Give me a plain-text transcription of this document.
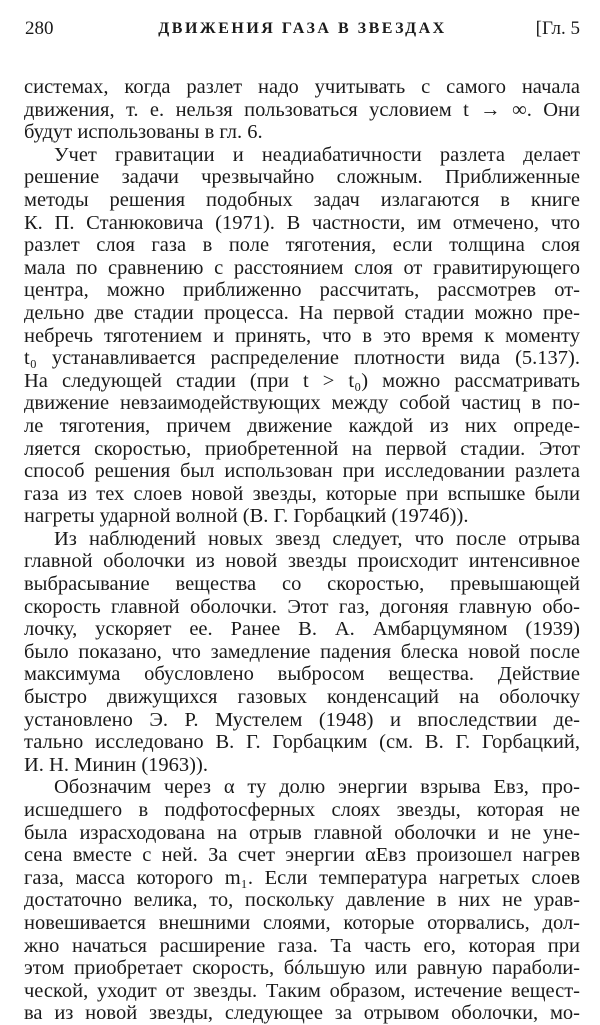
280	ДВИЖЕНИЯ ГАЗА В ЗВЕЗДАХ	[Гл. 5
системах, когда разлет надо учитывать с самого начала
движения, т. е. нельзя пользоваться условием t → ∞. Они
будут использованы в гл. 6.
Учет гравитации и неадиабатичности разлета делает
решение задачи чрезвычайно сложным. Приближенные
методы решения подобных задач излагаются в книге
К. П. Станюковича (1971). В частности, им отмечено, что
разлет слоя газа в поле тяготения, если толщина слоя
мала по сравнению с расстоянием слоя от гравитирующего
центра, можно приближенно рассчитать, рассмотрев от-
дельно две стадии процесса. На первой стадии можно пре-
небречь тяготением и принять, что в это время к моменту
t₀ устанавливается распределение плотности вида (5.137).
На следующей стадии (при t > t₀) можно рассматривать
движение невзаимодействующих между собой частиц в по-
ле тяготения, причем движение каждой из них опреде-
ляется скоростью, приобретенной на первой стадии. Этот
способ решения был использован при исследовании разлета
газа из тех слоев новой звезды, которые при вспышке были
нагреты ударной волной (В. Г. Горбацкий (1974б)).
Из наблюдений новых звезд следует, что после отрыва
главной оболочки из новой звезды происходит интенсивное
выбрасывание вещества со скоростью, превышающей
скорость главной оболочки. Этот газ, догоняя главную обо-
лочку, ускоряет ее. Ранее В. А. Амбарцумяном (1939)
было показано, что замедление падения блеска новой после
максимума обусловлено выбросом вещества. Действие
быстро движущихся газовых конденсаций на оболочку
установлено Э. Р. Мустелем (1948) и впоследствии де-
тально исследовано В. Г. Горбацким (см. В. Г. Горбацкий,
И. Н. Минин (1963)).
Обозначим через α ту долю энергии взрыва Eвз, про-
исшедшего в подфотосферных слоях звезды, которая не
была израсходована на отрыв главной оболочки и не уне-
сена вместе с ней. За счет энергии αEвз произошел нагрев
газа, масса которого m₁. Если температура нагретых слоев
достаточно велика, то, поскольку давление в них не урав-
новешивается внешними слоями, которые оторвались, дол-
жно начаться расширение газа. Та часть его, которая при
этом приобретает скорость, бóльшую или равную параболи-
ческой, уходит от звезды. Таким образом, истечение вещест-
ва из новой звезды, следующее за отрывом оболочки, мо-
